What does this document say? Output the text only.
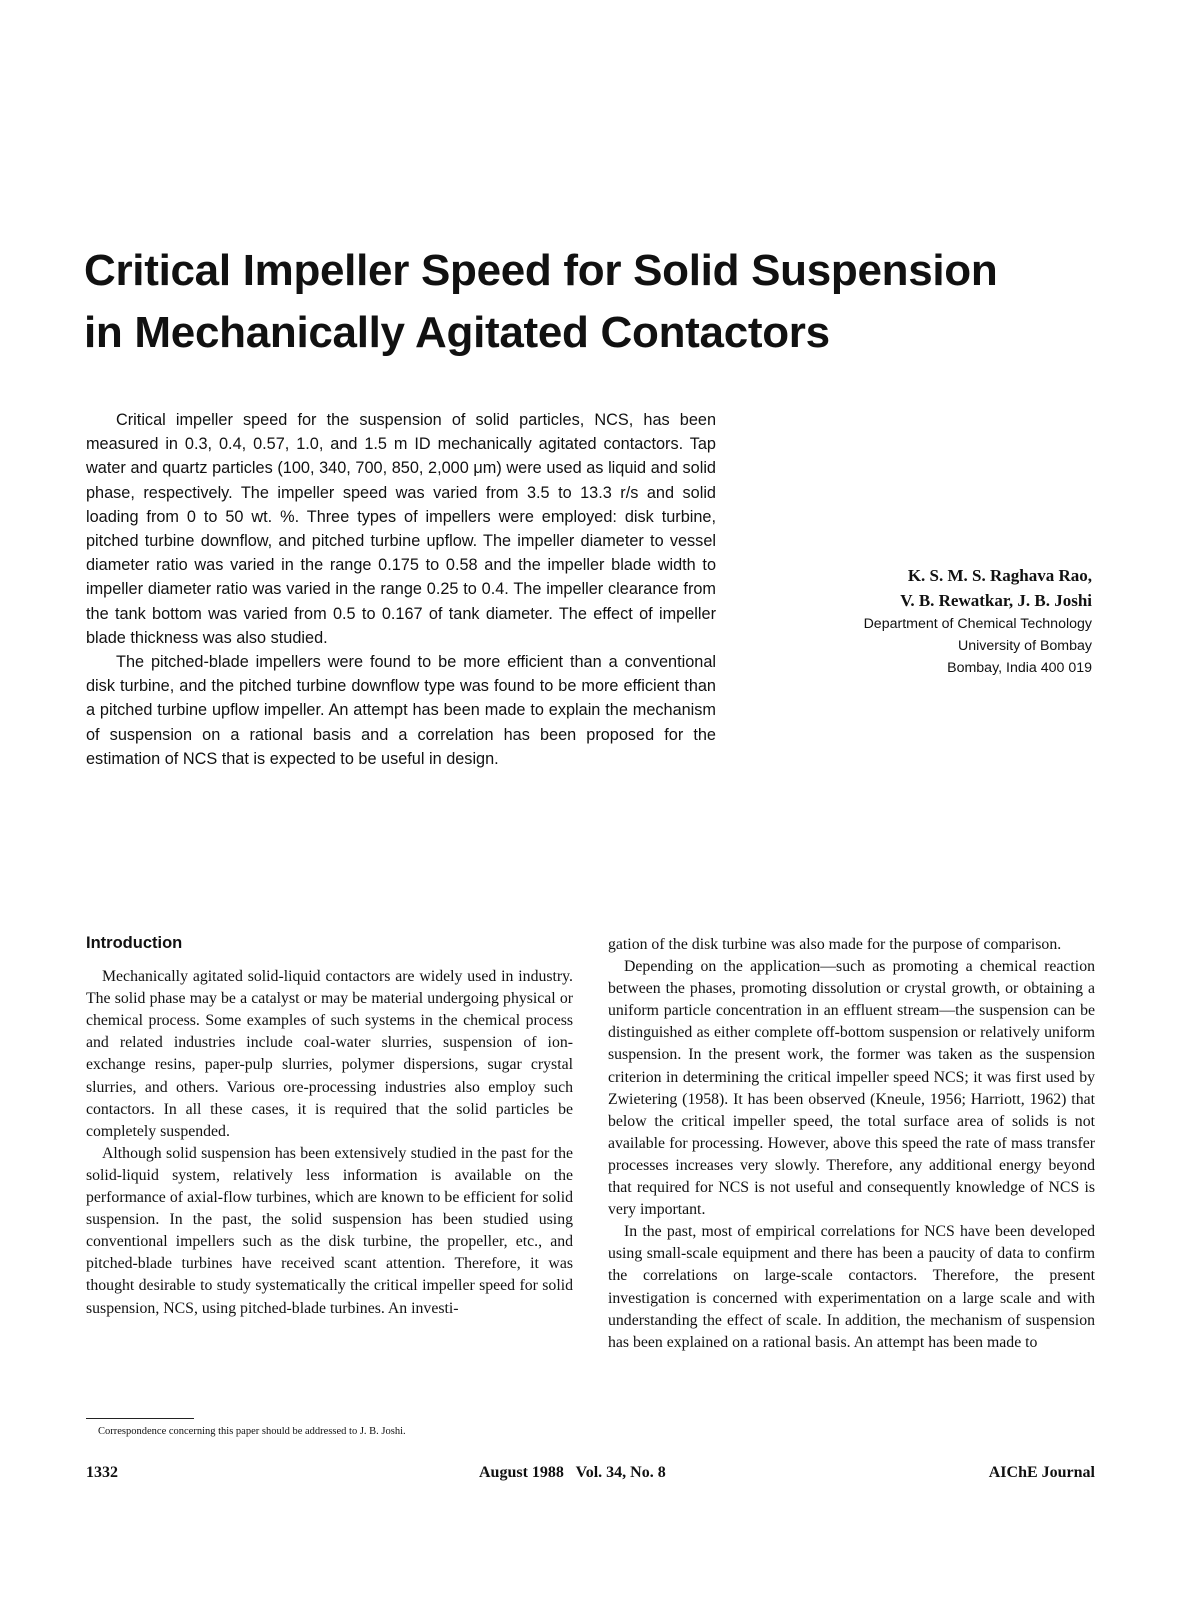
Critical Impeller Speed for Solid Suspension
in Mechanically Agitated Contactors

Critical impeller speed for the suspension of solid particles, NCS, has been measured in 0.3, 0.4, 0.57, 1.0, and 1.5 m ID mechanically agitated contactors. Tap water and quartz particles (100, 340, 700, 850, 2,000 μm) were used as liquid and solid phase, respectively. The impeller speed was varied from 3.5 to 13.3 r/s and solid loading from 0 to 50 wt. %. Three types of impellers were employed: disk turbine, pitched turbine downflow, and pitched turbine upflow. The impeller diameter to vessel diameter ratio was varied in the range 0.175 to 0.58 and the impeller blade width to impeller diameter ratio was varied in the range 0.25 to 0.4. The impeller clearance from the tank bottom was varied from 0.5 to 0.167 of tank diameter. The effect of impeller blade thickness was also studied.

The pitched-blade impellers were found to be more efficient than a conventional disk turbine, and the pitched turbine downflow type was found to be more efficient than a pitched turbine upflow impeller. An attempt has been made to explain the mechanism of suspension on a rational basis and a correlation has been proposed for the estimation of NCS that is expected to be useful in design.

K. S. M. S. Raghava Rao,
V. B. Rewatkar, J. B. Joshi
Department of Chemical Technology
University of Bombay
Bombay, India 400 019
Introduction

Mechanically agitated solid-liquid contactors are widely used in industry. The solid phase may be a catalyst or may be material undergoing physical or chemical process. Some examples of such systems in the chemical process and related industries include coal-water slurries, suspension of ion-exchange resins, paper-pulp slurries, polymer dispersions, sugar crystal slurries, and others. Various ore-processing industries also employ such contactors. In all these cases, it is required that the solid particles be completely suspended.

Although solid suspension has been extensively studied in the past for the solid-liquid system, relatively less information is available on the performance of axial-flow turbines, which are known to be efficient for solid suspension. In the past, the solid suspension has been studied using conventional impellers such as the disk turbine, the propeller, etc., and pitched-blade turbines have received scant attention. Therefore, it was thought desirable to study systematically the critical impeller speed for solid suspension, NCS, using pitched-blade turbines. An investi-

gation of the disk turbine was also made for the purpose of comparison.

Depending on the application—such as promoting a chemical reaction between the phases, promoting dissolution or crystal growth, or obtaining a uniform particle concentration in an effluent stream—the suspension can be distinguished as either complete off-bottom suspension or relatively uniform suspension. In the present work, the former was taken as the suspension criterion in determining the critical impeller speed NCS; it was first used by Zwietering (1958). It has been observed (Kneule, 1956; Harriott, 1962) that below the critical impeller speed, the total surface area of solids is not available for processing. However, above this speed the rate of mass transfer processes increases very slowly. Therefore, any additional energy beyond that required for NCS is not useful and consequently knowledge of NCS is very important.

In the past, most of empirical correlations for NCS have been developed using small-scale equipment and there has been a paucity of data to confirm the correlations on large-scale contactors. Therefore, the present investigation is concerned with experimentation on a large scale and with understanding the effect of scale. In addition, the mechanism of suspension has been explained on a rational basis. An attempt has been made to

Correspondence concerning this paper should be addressed to J. B. Joshi.
1332	August 1988   Vol. 34, No. 8	AIChE Journal
